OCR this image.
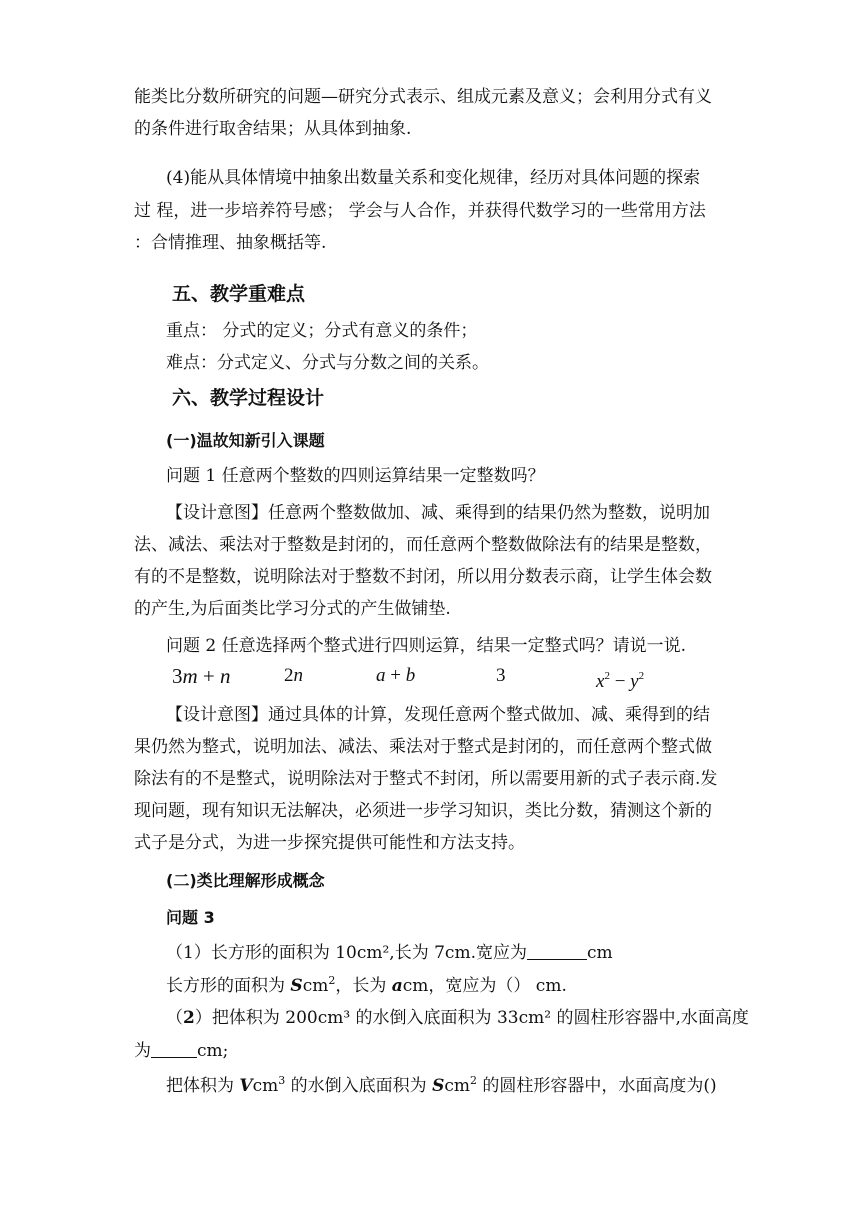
能类比分数所研究的问题—研究分式表示、组成元素及意义；会利用分式有义
的条件进行取舍结果；从具体到抽象.
(4)能从具体情境中抽象出数量关系和变化规律，经历对具体问题的探索
过 程，进一步培养符号感； 学会与人合作，并获得代数学习的一些常用方法
：合情推理、抽象概括等.
五、教学重难点
重点： 分式的定义；分式有意义的条件；
难点：分式定义、分式与分数之间的关系。
六、教学过程设计
(一)温故知新引入课题
问题 1 任意两个整数的四则运算结果一定整数吗？
【设计意图】任意两个整数做加、减、乘得到的结果仍然为整数，说明加
法、减法、乘法对于整数是封闭的，而任意两个整数做除法有的结果是整数，
有的不是整数，说明除法对于整数不封闭，所以用分数表示商，让学生体会数
的产生,为后面类比学习分式的产生做铺垫.
问题 2 任意选择两个整式进行四则运算，结果一定整式吗？请说一说.
3m + n	2n	a + b	3	$x^2 - y^2$
【设计意图】通过具体的计算，发现任意两个整式做加、减、乘得到的结
果仍然为整式，说明加法、减法、乘法对于整式是封闭的，而任意两个整式做
除法有的不是整式，说明除法对于整式不封闭，所以需要用新的式子表示商.发
现问题，现有知识无法解决，必须进一步学习知识，类比分数，猜测这个新的
式子是分式，为进一步探究提供可能性和方法支持。
(二)类比理解形成概念
问题 3
（1）长方形的面积为 10cm²,长为 7cm.宽应为	cm
长方形的面积为 Scm$^2$，长为 acm，宽应为（） cm.
（2）把体积为 200cm³ 的水倒入底面积为 33cm² 的圆柱形容器中,水面高度
为	cm;
把体积为 Vcm$^3$ 的水倒入底面积为 Scm$^2$ 的圆柱形容器中，水面高度为()
